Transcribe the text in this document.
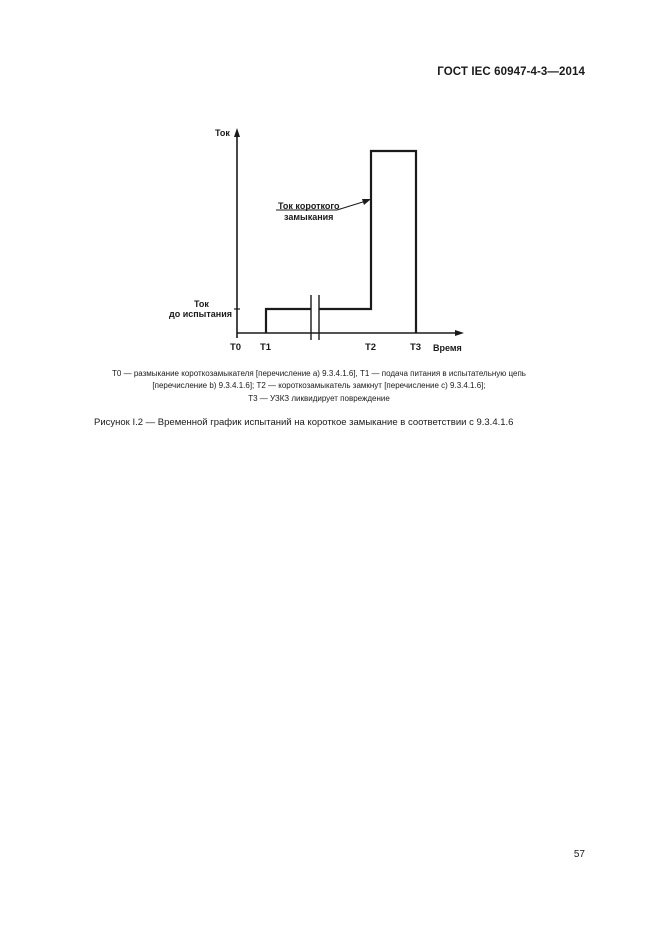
ГОСТ IEC 60947-4-3—2014
Ток
Ток короткого
замыкания
Ток
до испытания
T0 T1	T2	T3 Время
T0 — размыкание короткозамыкателя [перечисление a) 9.3.4.1.6], T1 — подача питания в испытательную цепь
[перечисление b) 9.3.4.1.6]; T2 — короткозамыкатель замкнут [перечисление c) 9.3.4.1.6];
T3 — УЗКЗ ликвидирует повреждение
Рисунок I.2 — Временной график испытаний на короткое замыкание в соответствии с 9.3.4.1.6
57
